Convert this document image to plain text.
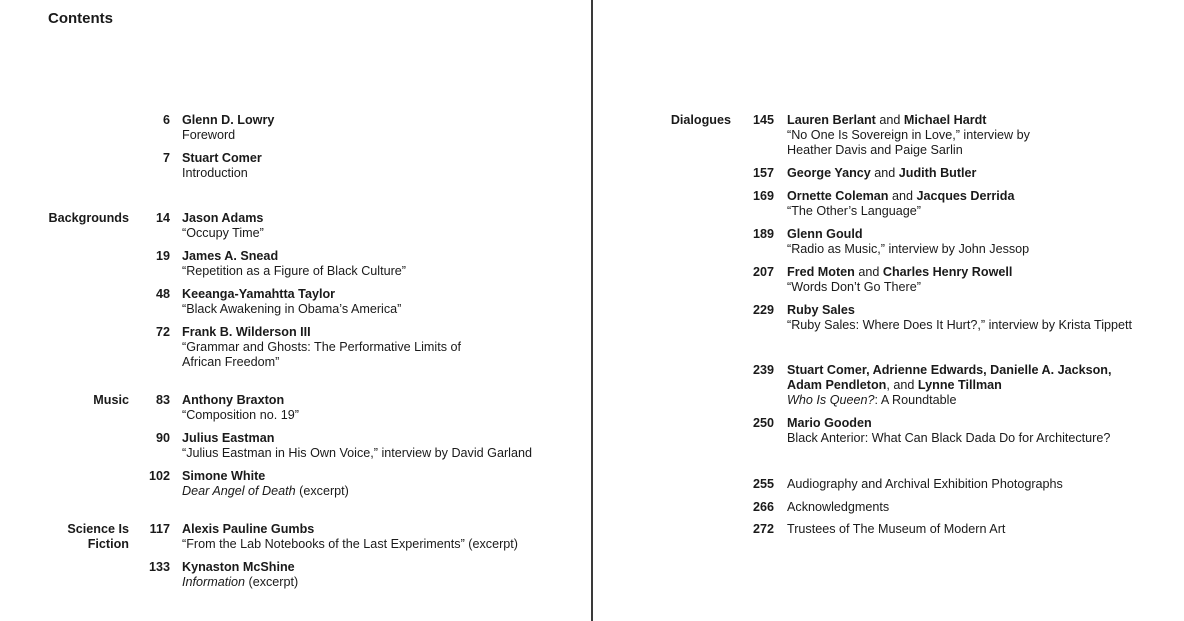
Contents
Backgrounds
Music
Science Is
Fiction
6 Glenn D. Lowry
Foreword
7 Stuart Comer
Introduction
14 Jason Adams
“Occupy Time”
19 James A. Snead
“Repetition as a Figure of Black Culture”
48 Keeanga-Yamahtta Taylor
“Black Awakening in Obama’s America”
72 Frank B. Wilderson III
“Grammar and Ghosts: The Performative Limits of
African Freedom”
83 Anthony Braxton
“Composition no. 19”
90 Julius Eastman
“Julius Eastman in His Own Voice,” interview by David Garland
102 Simone White
Dear Angel of Death (excerpt)
117 Alexis Pauline Gumbs
“From the Lab Notebooks of the Last Experiments” (excerpt)
133 Kynaston McShine
Information (excerpt)
Dialogues	145 Lauren Berlant and Michael Hardt
“No One Is Sovereign in Love,” interview by
Heather Davis and Paige Sarlin
157 George Yancy and Judith Butler
169 Ornette Coleman and Jacques Derrida
“The Other’s Language”
189 Glenn Gould
“Radio as Music,” interview by John Jessop
207 Fred Moten and Charles Henry Rowell
“Words Don’t Go There”
229 Ruby Sales
“Ruby Sales: Where Does It Hurt?,” interview by Krista Tippett
239 Stuart Comer, Adrienne Edwards, Danielle A. Jackson,
Adam Pendleton, and Lynne Tillman
Who Is Queen?: A Roundtable
250 Mario Gooden
Black Anterior: What Can Black Dada Do for Architecture?
255 Audiography and Archival Exhibition Photographs
266 Acknowledgments
272 Trustees of The Museum of Modern Art
